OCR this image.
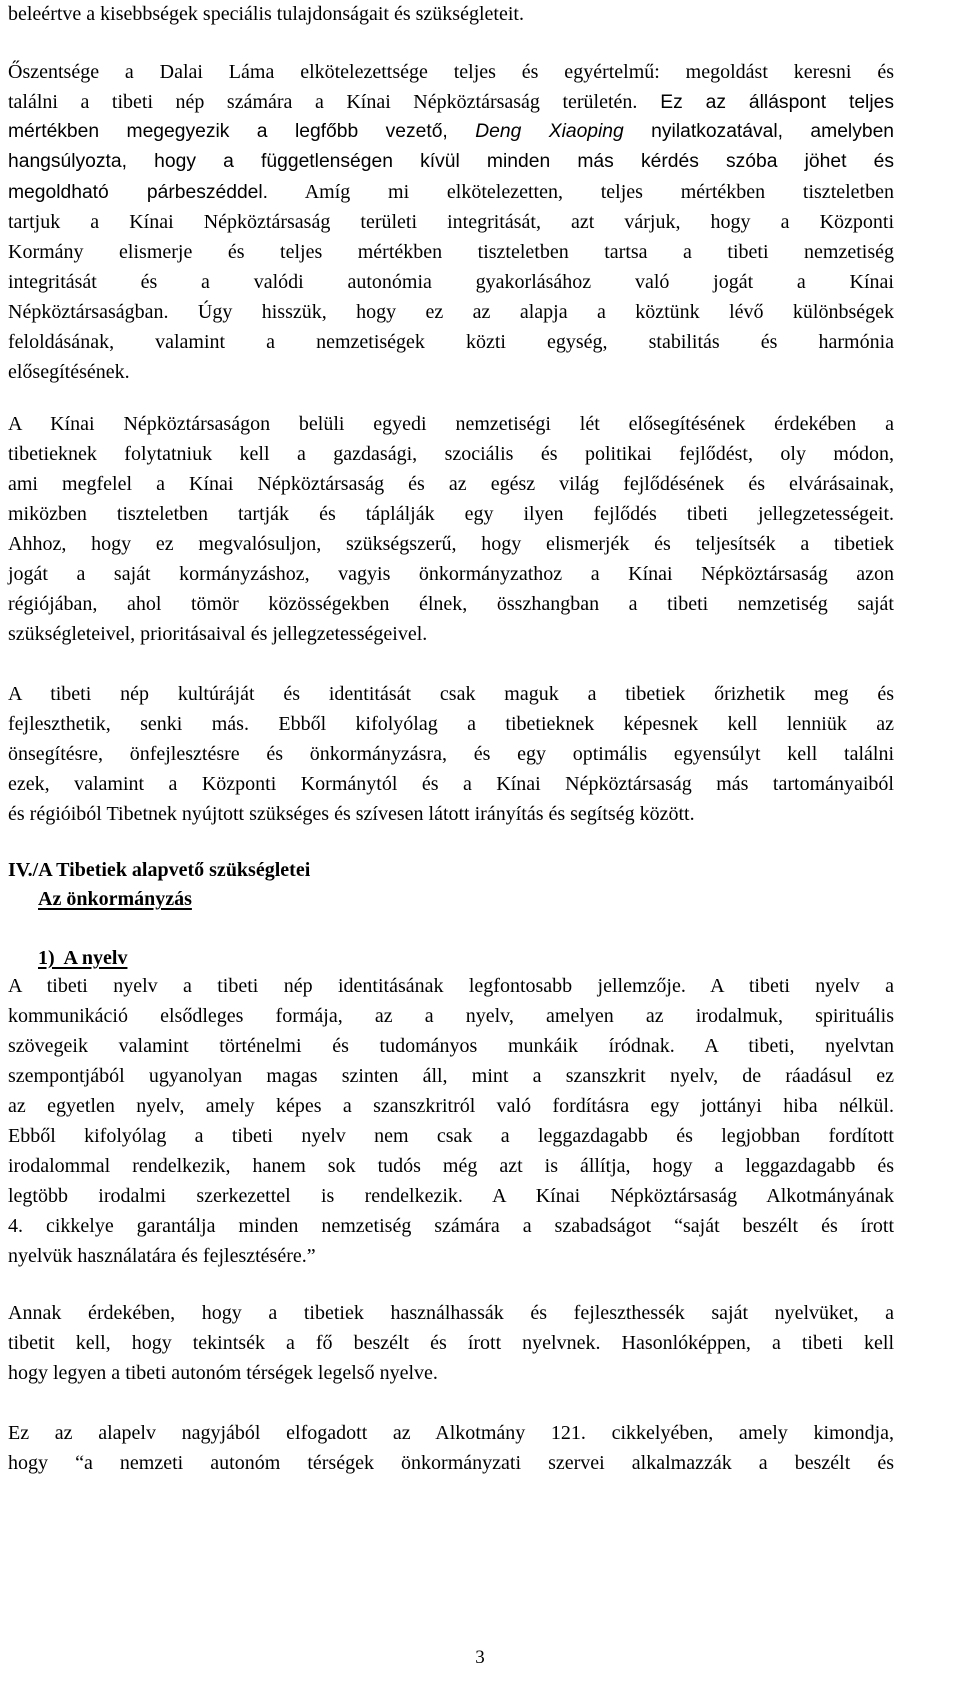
beleértve a kisebbségek speciális tulajdonságait és szükségleteit.
Őszentsége a Dalai Láma elkötelezettsége teljes és egyértelmű: megoldást keresni és
találni a tibeti nép számára a Kínai Népköztársaság területén. Ez az álláspont teljes
mértékben megegyezik a legfőbb vezető, Deng Xiaoping nyilatkozatával, amelyben
hangsúlyozta, hogy a függetlenségen kívül minden más kérdés szóba jöhet és
megoldható párbeszéddel. Amíg mi elkötelezetten, teljes mértékben tiszteletben
tartjuk a Kínai Népköztársaság területi integritását, azt várjuk, hogy a Központi
Kormány elismerje és teljes mértékben tiszteletben tartsa a tibeti nemzetiség
integritását és a valódi autonómia gyakorlásához való jogát a Kínai
Népköztársaságban. Úgy hisszük, hogy ez az alapja a köztünk lévő különbségek
feloldásának, valamint a nemzetiségek közti egység, stabilitás és harmónia
elősegítésének.
A Kínai Népköztársaságon belüli egyedi nemzetiségi lét elősegítésének érdekében a
tibetieknek folytatniuk kell a gazdasági, szociális és politikai fejlődést, oly módon,
ami megfelel a Kínai Népköztársaság és az egész világ fejlődésének és elvárásainak,
miközben tiszteletben tartják és táplálják egy ilyen fejlődés tibeti jellegzetességeit.
Ahhoz, hogy ez megvalósuljon, szükségszerű, hogy elismerjék és teljesítsék a tibetiek
jogát a saját kormányzáshoz, vagyis önkormányzathoz a Kínai Népköztársaság azon
régiójában, ahol tömör közösségekben élnek, összhangban a tibeti nemzetiség saját
szükségleteivel, prioritásaival és jellegzetességeivel.
A tibeti nép kultúráját és identitását csak maguk a tibetiek őrizhetik meg és
fejleszthetik, senki más. Ebből kifolyólag a tibetieknek képesnek kell lenniük az
önsegítésre, önfejlesztésre és önkormányzásra, és egy optimális egyensúlyt kell találni
ezek, valamint a Központi Kormánytól és a Kínai Népköztársaság más tartományaiból
és régióiból Tibetnek nyújtott szükséges és szívesen látott irányítás és segítség között.
IV./A Tibetiek alapvető szükségletei
Az önkormányzás
1)  A nyelv
A tibeti nyelv a tibeti nép identitásának legfontosabb jellemzője. A tibeti nyelv a
kommunikáció elsődleges formája, az a nyelv, amelyen az irodalmuk, spirituális
szövegeik valamint történelmi és tudományos munkáik íródnak. A tibeti, nyelvtan
szempontjából ugyanolyan magas szinten áll, mint a szanszkrit nyelv, de ráadásul ez
az egyetlen nyelv, amely képes a szanszkritról való fordításra egy jottányi hiba nélkül.
Ebből kifolyólag a tibeti nyelv nem csak a leggazdagabb és legjobban fordított
irodalommal rendelkezik, hanem sok tudós még azt is állítja, hogy a leggazdagabb és
legtöbb irodalmi szerkezettel is rendelkezik. A Kínai Népköztársaság Alkotmányának
4. cikkelye garantálja minden nemzetiség számára a szabadságot “saját beszélt és írott
nyelvük használatára és fejlesztésére.”
Annak érdekében, hogy a tibetiek használhassák és fejleszthessék saját nyelvüket, a
tibetit kell, hogy tekintsék a fő beszélt és írott nyelvnek. Hasonlóképpen, a tibeti kell
hogy legyen a tibeti autonóm térségek legelső nyelve.
Ez az alapelv nagyjából elfogadott az Alkotmány 121. cikkelyében, amely kimondja,
hogy “a nemzeti autonóm térségek önkormányzati szervei alkalmazzák a beszélt és
3
